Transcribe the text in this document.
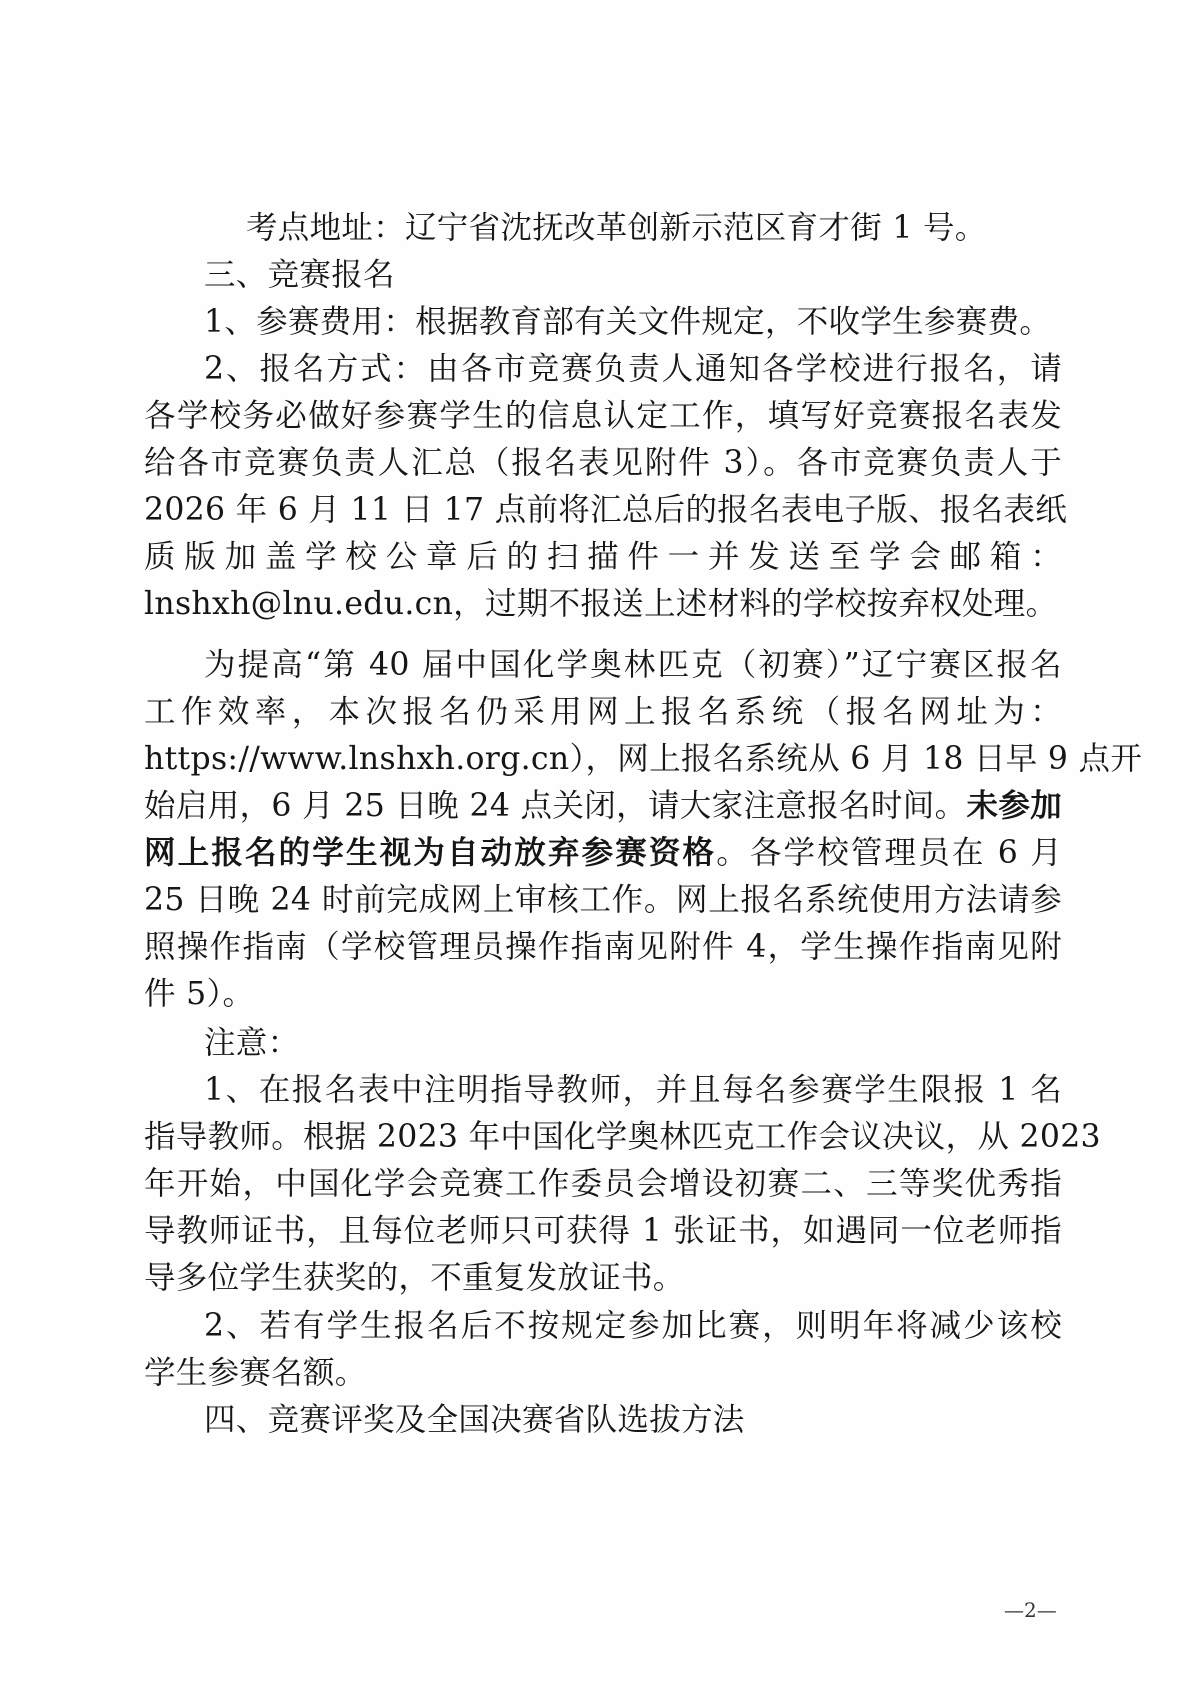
考点地址：辽宁省沈抚改革创新示范区育才街 1 号。
三、竞赛报名
1、参赛费用：根据教育部有关文件规定，不收学生参赛费。
2、报名方式：由各市竞赛负责人通知各学校进行报名，请
各学校务必做好参赛学生的信息认定工作，填写好竞赛报名表发
给各市竞赛负责人汇总（报名表见附件 3）。各市竞赛负责人于
2026 年 6 月 11 日 17 点前将汇总后的报名表电子版、报名表纸
质版加盖学校公章后的扫描件一并发送至学会邮箱：
lnshxh@lnu.edu.cn，过期不报送上述材料的学校按弃权处理。
为提高“第 40 届中国化学奥林匹克（初赛）”辽宁赛区报名
工作效率，本次报名仍采用网上报名系统（报名网址为：
https://www.lnshxh.org.cn），网上报名系统从 6 月 18 日早 9 点开
始启用，6 月 25 日晚 24 点关闭，请大家注意报名时间。未参加
网上报名的学生视为自动放弃参赛资格。各学校管理员在 6 月
25 日晚 24 时前完成网上审核工作。网上报名系统使用方法请参
照操作指南（学校管理员操作指南见附件 4，学生操作指南见附
件 5）。
注意：
1、在报名表中注明指导教师，并且每名参赛学生限报 1 名
指导教师。根据 2023 年中国化学奥林匹克工作会议决议，从 2023
年开始，中国化学会竞赛工作委员会增设初赛二、三等奖优秀指
导教师证书，且每位老师只可获得 1 张证书，如遇同一位老师指
导多位学生获奖的，不重复发放证书。
2、若有学生报名后不按规定参加比赛，则明年将减少该校
学生参赛名额。
四、竞赛评奖及全国决赛省队选拔方法
—2—
